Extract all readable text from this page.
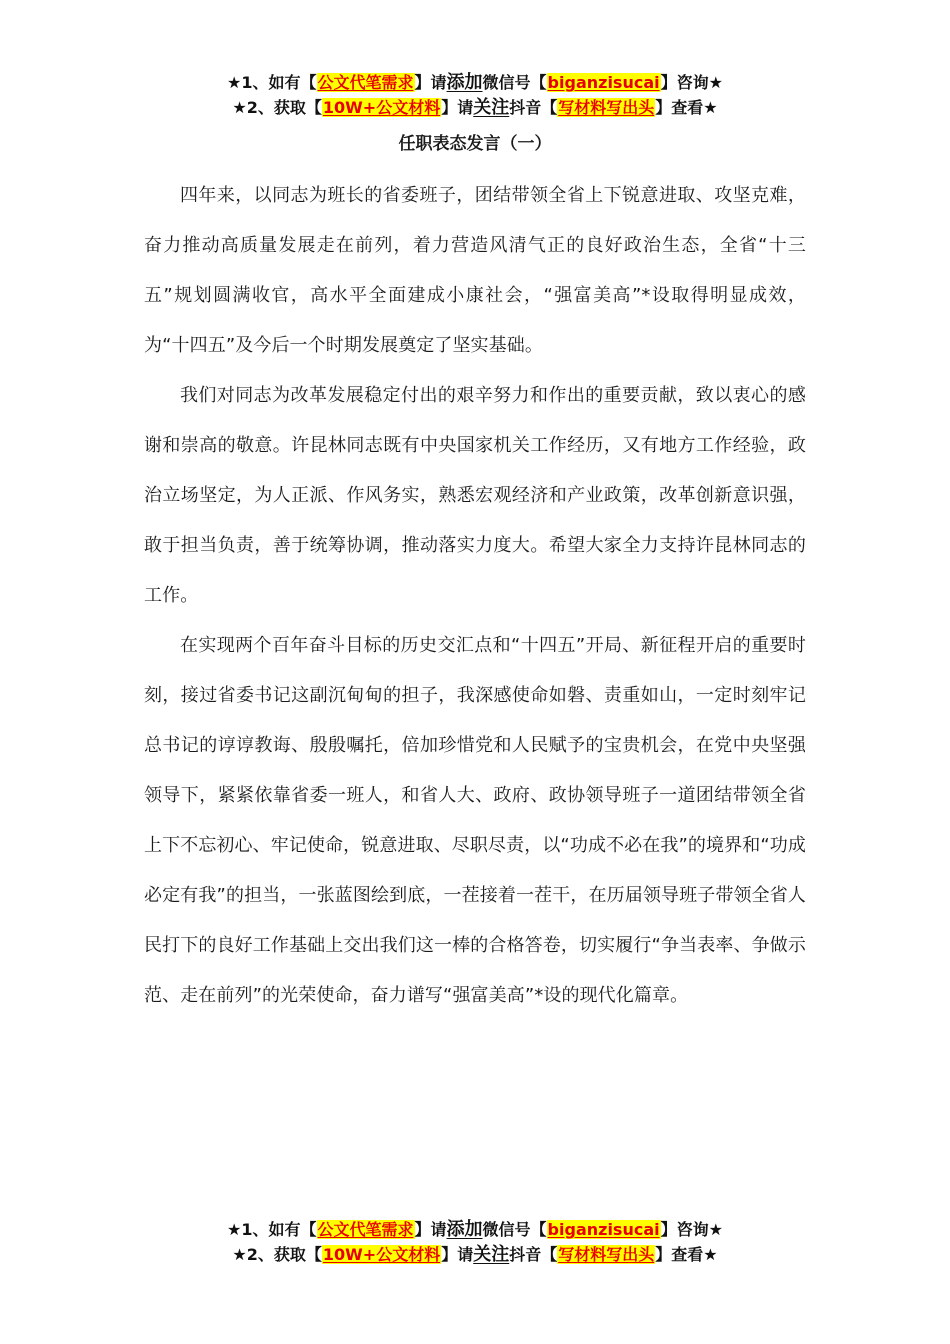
★1、如有【公文代笔需求】请添加微信号【biganzisucai】咨询★
★2、获取【10W+公文材料】请关注抖音【写材料写出头】查看★
任职表态发言（一）

四年来，以同志为班长的省委班子，团结带领全省上下锐意进取、攻坚克难，奋力推动高质量发展走在前列，着力营造风清气正的良好政治生态，全省“十三五”规划圆满收官，高水平全面建成小康社会，“强富美高”*设取得明显成效，为“十四五”及今后一个时期发展奠定了坚实基础。

我们对同志为改革发展稳定付出的艰辛努力和作出的重要贡献，致以衷心的感谢和崇高的敬意。许昆林同志既有中央国家机关工作经历，又有地方工作经验，政治立场坚定，为人正派、作风务实，熟悉宏观经济和产业政策，改革创新意识强，敢于担当负责，善于统筹协调，推动落实力度大。希望大家全力支持许昆林同志的工作。

在实现两个百年奋斗目标的历史交汇点和“十四五”开局、新征程开启的重要时刻，接过省委书记这副沉甸甸的担子，我深感使命如磐、责重如山，一定时刻牢记总书记的谆谆教诲、殷殷嘱托，倍加珍惜党和人民赋予的宝贵机会，在党中央坚强领导下，紧紧依靠省委一班人，和省人大、政府、政协领导班子一道团结带领全省上下不忘初心、牢记使命，锐意进取、尽职尽责，以“功成不必在我”的境界和“功成必定有我”的担当，一张蓝图绘到底，一茬接着一茬干，在历届领导班子带领全省人民打下的良好工作基础上交出我们这一棒的合格答卷，切实履行“争当表率、争做示范、走在前列”的光荣使命，奋力谱写“强富美高”*设的现代化篇章。

★1、如有【公文代笔需求】请添加微信号【biganzisucai】咨询★
★2、获取【10W+公文材料】请关注抖音【写材料写出头】查看★
